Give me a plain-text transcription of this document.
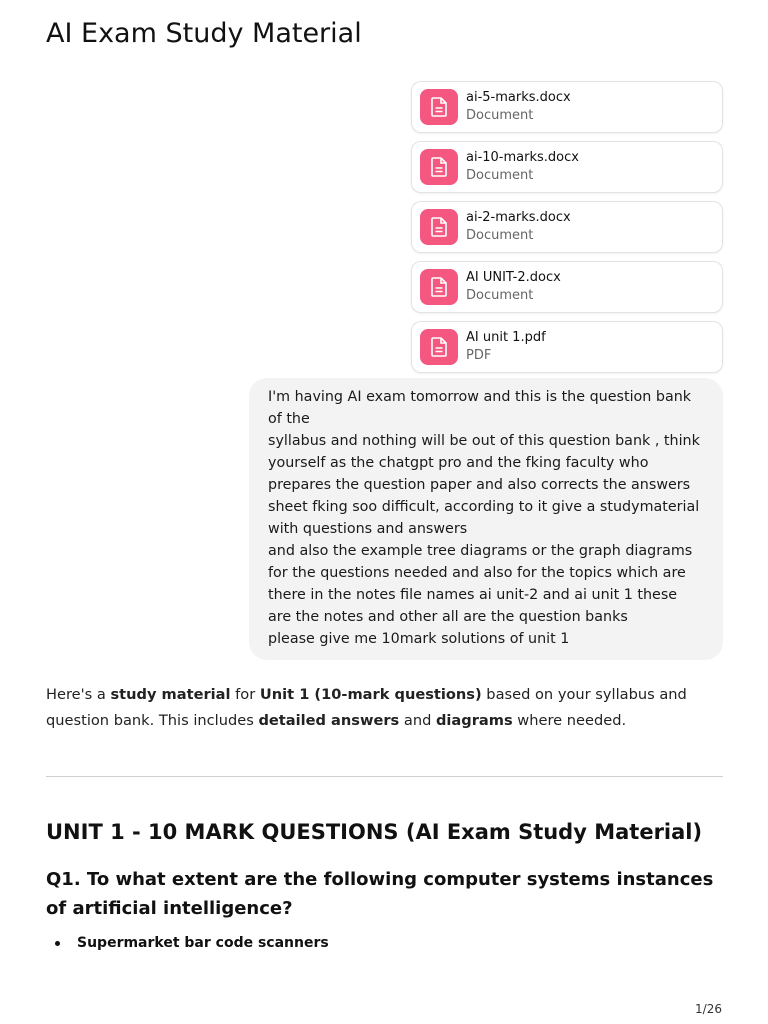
AI Exam Study Material
ai-5-marks.docx
Document
ai-10-marks.docx
Document
ai-2-marks.docx
Document
AI UNIT-2.docx
Document
AI unit 1.pdf
PDF
I'm having AI exam tomorrow and this is the question bank of the
syllabus and nothing will be out of this question bank , think
yourself as the chatgpt pro and the fking faculty who prepares the question paper and also corrects the answers sheet fking soo difficult, according to it give a studymaterial with questions and answers
and also the example tree diagrams or the graph diagrams for the questions needed and also for the topics which are there in the notes file names ai unit-2 and ai unit 1 these are the notes and other all are the question banks
please give me 10mark solutions of unit 1

Here's a study material for Unit 1 (10-mark questions) based on your syllabus and question bank. This includes detailed answers and diagrams where needed.

UNIT 1 - 10 MARK QUESTIONS (AI Exam Study Material)
Q1. To what extent are the following computer systems instances of artificial intelligence?
Supermarket bar code scanners
1/26
